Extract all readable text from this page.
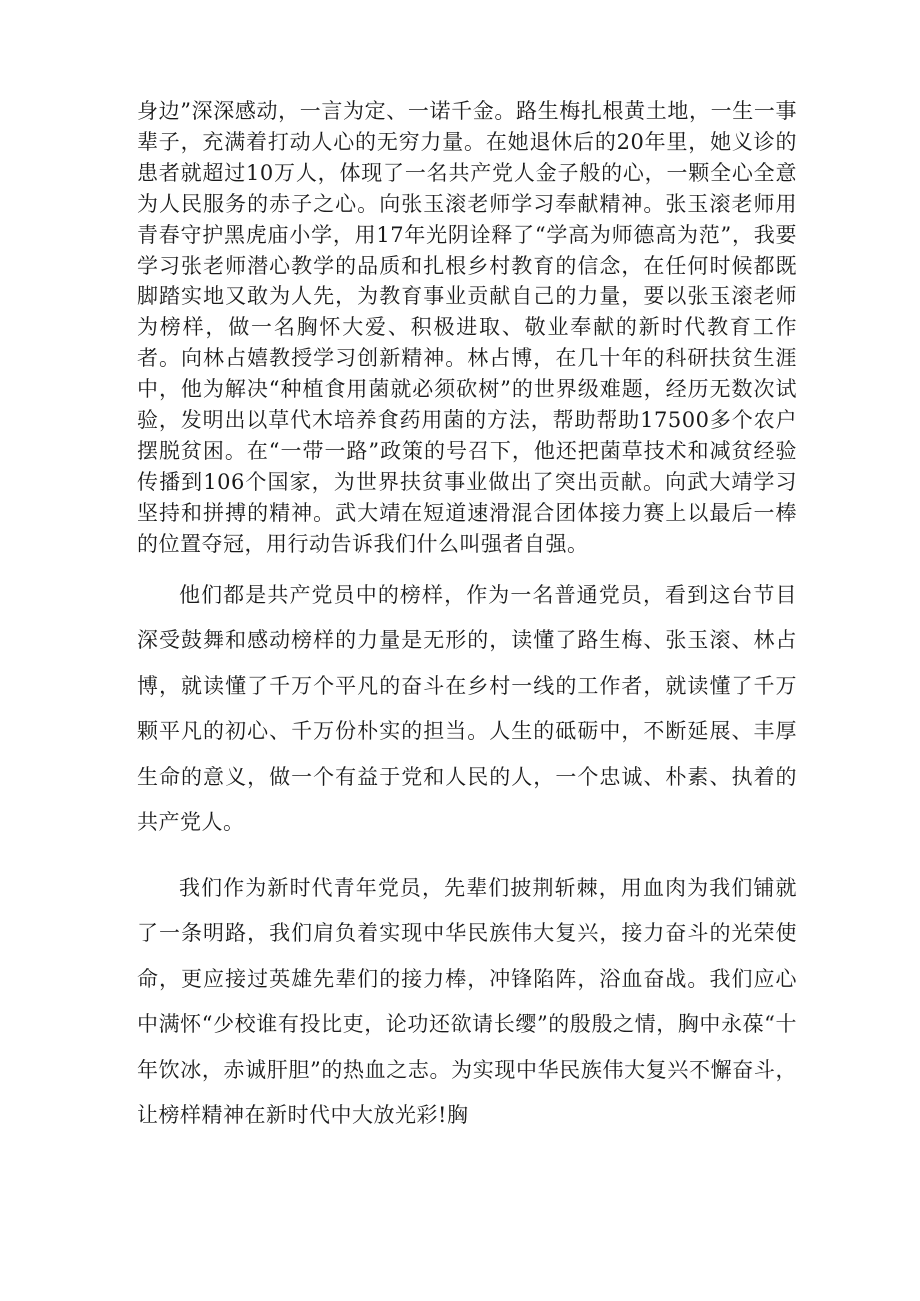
身边”深深感动，一言为定、一诺千金。路生梅扎根黄土地，一生一事辈子，充满着打动人心的无穷力量。在她退休后的20年里，她义诊的患者就超过10万人，体现了一名共产党人金子般的心，一颗全心全意为人民服务的赤子之心。向张玉滚老师学习奉献精神。张玉滚老师用青春守护黑虎庙小学，用17年光阴诠释了“学高为师德高为范”，我要学习张老师潜心教学的品质和扎根乡村教育的信念，在任何时候都既脚踏实地又敢为人先，为教育事业贡献自己的力量，要以张玉滚老师为榜样，做一名胸怀大爱、积极进取、敬业奉献的新时代教育工作者。向林占嬉教授学习创新精神。林占博，在几十年的科研扶贫生涯中，他为解决“种植食用菌就必须砍树”的世界级难题，经历无数次试验，发明出以草代木培养食药用菌的方法，帮助帮助17500多个农户摆脱贫困。在“一带一路”政策的号召下，他还把菌草技术和减贫经验传播到106个国家，为世界扶贫事业做出了突出贡献。向武大靖学习坚持和拼搏的精神。武大靖在短道速滑混合团体接力赛上以最后一棒的位置夺冠，用行动告诉我们什么叫强者自强。

他们都是共产党员中的榜样，作为一名普通党员，看到这台节目深受鼓舞和感动榜样的力量是无形的，读懂了路生梅、张玉滚、林占博，就读懂了千万个平凡的奋斗在乡村一线的工作者，就读懂了千万颗平凡的初心、千万份朴实的担当。人生的砥砺中，不断延展、丰厚生命的意义，做一个有益于党和人民的人，一个忠诚、朴素、执着的共产党人。

我们作为新时代青年党员，先辈们披荆斩棘，用血肉为我们铺就了一条明路，我们肩负着实现中华民族伟大复兴，接力奋斗的光荣使命，更应接过英雄先辈们的接力棒，冲锋陷阵，浴血奋战。我们应心中满怀“少校谁有投比吏，论功还欲请长缨”的殷殷之情，胸中永葆“十年饮冰，赤诚肝胆”的热血之志。为实现中华民族伟大复兴不懈奋斗，让榜样精神在新时代中大放光彩!胸
